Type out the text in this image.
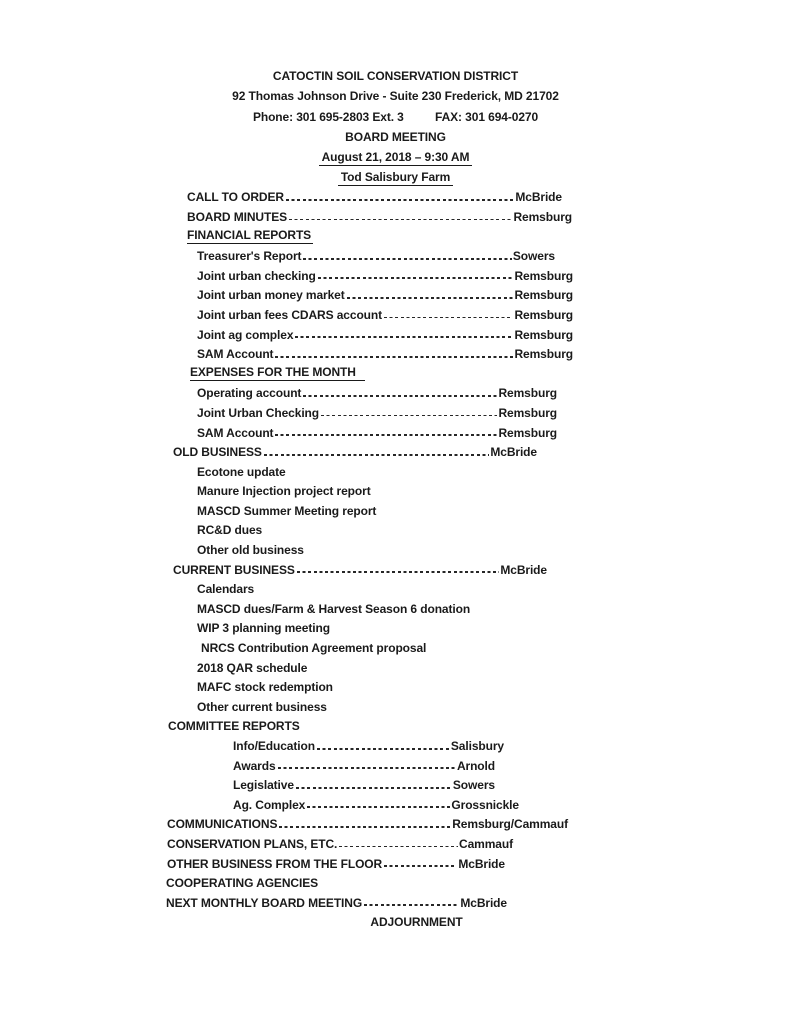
CATOCTIN SOIL CONSERVATION DISTRICT
92 Thomas Johnson Drive - Suite 230 Frederick, MD 21702
Phone: 301 695-2803 Ext. 3	FAX: 301 694-0270
BOARD MEETING
August 21, 2018 – 9:30 AM
Tod Salisbury Farm
CALL TO ORDER	McBride
BOARD MINUTES	Remsburg
FINANCIAL REPORTS
Treasurer's Report	Sowers
Joint urban checking	Remsburg
Joint urban money market	Remsburg
Joint urban fees CDARS account	Remsburg
Joint ag complex	Remsburg
SAM Account	Remsburg
EXPENSES FOR THE MONTH
Operating account	Remsburg
Joint Urban Checking	Remsburg
SAM Account	Remsburg
OLD BUSINESS	McBride
Ecotone update
Manure Injection project report
MASCD Summer Meeting report
RC&D dues
Other old business
CURRENT BUSINESS	McBride
Calendars
MASCD dues/Farm & Harvest Season 6 donation
WIP 3 planning meeting
NRCS Contribution Agreement proposal
2018 QAR schedule
MAFC stock redemption
Other current business
COMMITTEE REPORTS
Info/Education	Salisbury
Awards	Arnold
Legislative	Sowers
Ag. Complex	Grossnickle
COMMUNICATIONS	Remsburg/Cammauf
CONSERVATION PLANS, ETC.	Cammauf
OTHER BUSINESS FROM THE FLOOR	McBride
COOPERATING AGENCIES
NEXT MONTHLY BOARD MEETING	McBride
ADJOURNMENT
